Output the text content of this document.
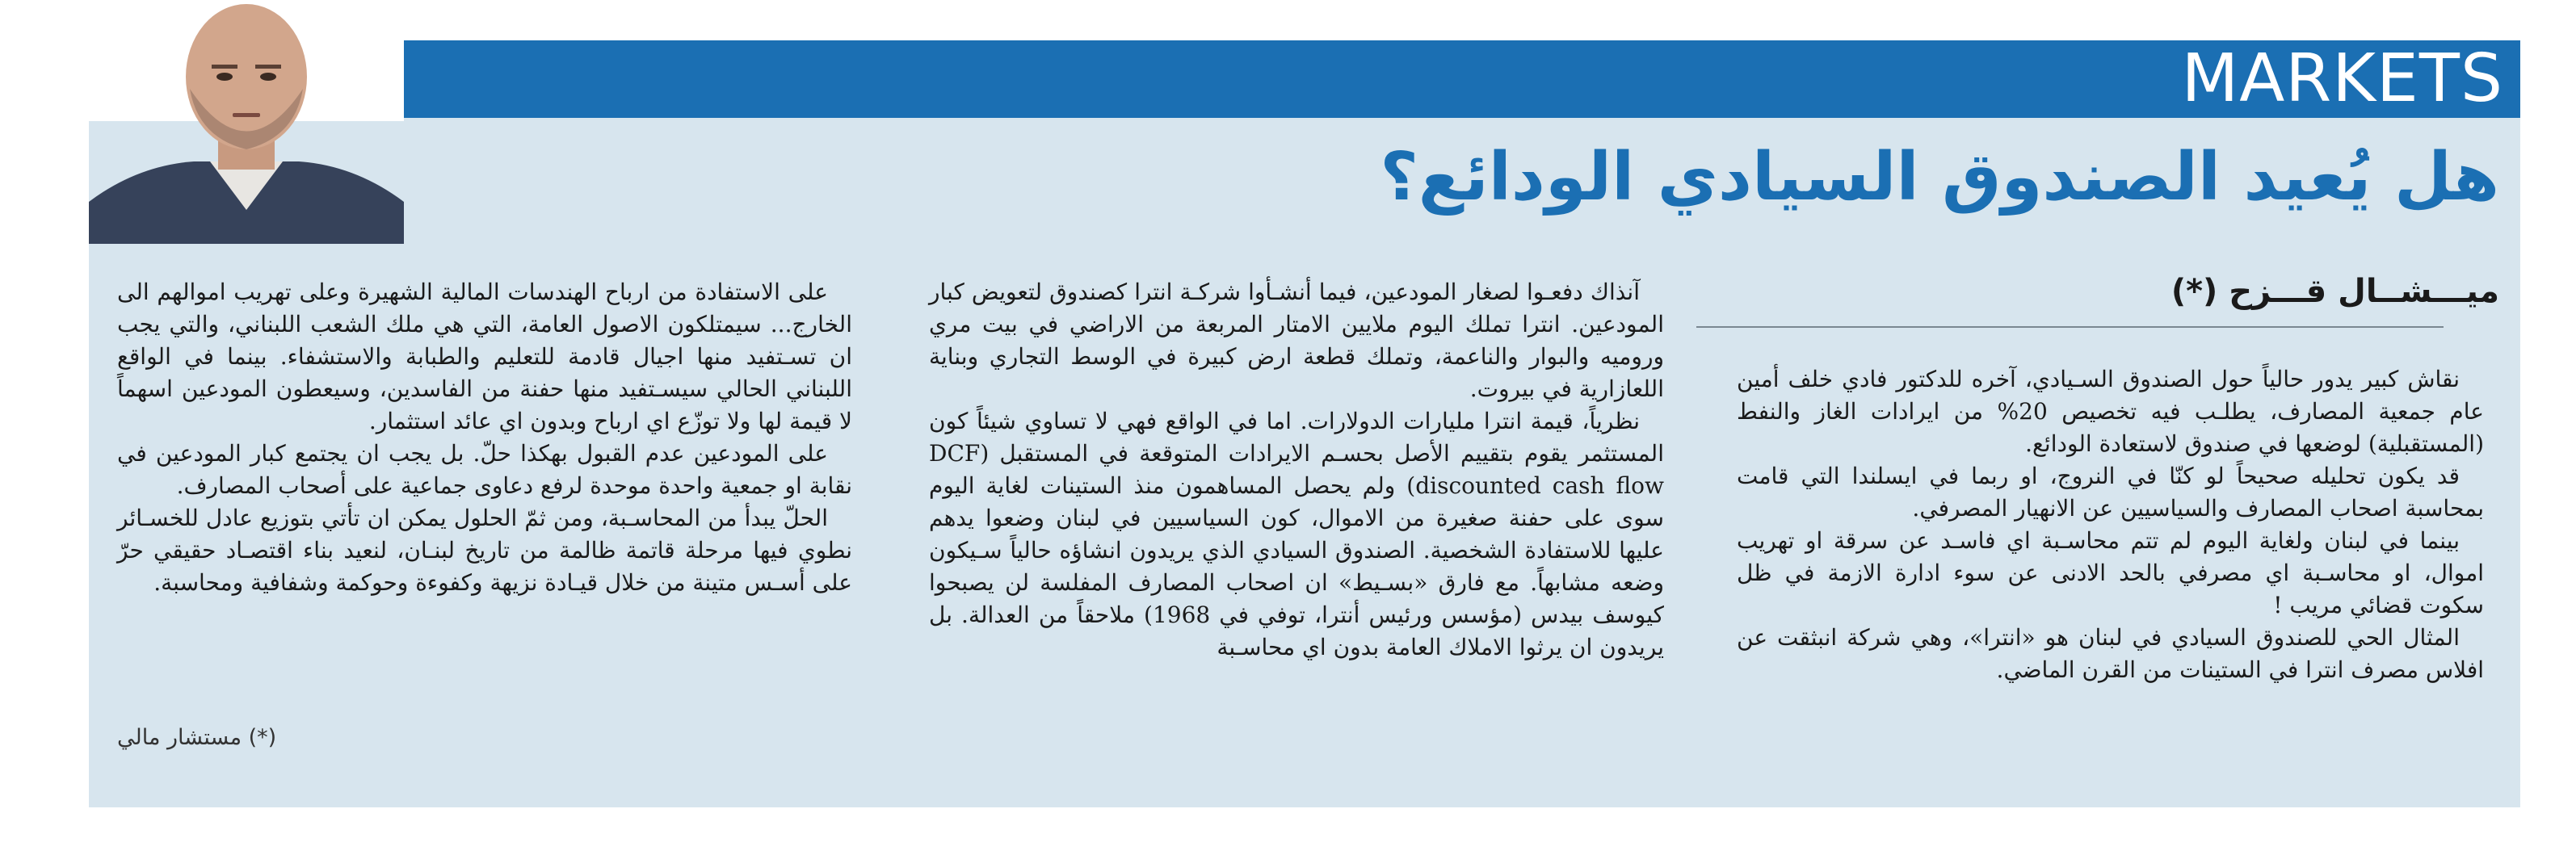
MARKETS
هل يُعيد الصندوق السيادي الودائع؟
ميـــشــال قـــزح (*)

نقاش كبير يدور حالياً حول الصندوق السـيادي، آخره للدكتور فادي خلف أمين عام جمعية المصارف، يطلـب فيه تخصيص 20% من ايرادات الغاز والنفط (المستقبلية) لوضعها في صندوق لاستعادة الودائع.

قد يكون تحليله صحيحاً لو كنّا في النروج، او ربما في ايسلندا التي قامت بمحاسبة اصحاب المصارف والسياسيين عن الانهيار المصرفي.

بينما في لبنان ولغاية اليوم لم تتم محاسـبة اي فاسـد عن سرقة او تهريب اموال، او محاسـبة اي مصرفي بالحد الادنى عن سوء ادارة الازمة في ظل سكوت قضائي مريب !

المثال الحي للصندوق السيادي في لبنان هو «انترا»، وهي شركة انبثقت عن افلاس مصرف انترا في الستينات من القرن الماضي.

آنذاك دفعـوا لصغار المودعين، فيما أنشـأوا شركـة انترا كصندوق لتعويض كبار المودعين. انترا تملك اليوم ملايين الامتار المربعة من الاراضي في بيت مري وروميه والبوار والناعمة، وتملك قطعة ارض كبيرة في الوسط التجاري وبناية اللعازارية في بيروت.

نظرياً، قيمة انترا مليارات الدولارات. اما في الواقع فهي لا تساوي شيئاً كون المستثمر يقوم بتقييم الأصل بحسـم الايرادات المتوقعة في المستقبل (DCF discounted cash flow) ولم يحصل المساهمون منذ الستينات لغاية اليوم سوى على حفنة صغيرة من الاموال، كون السياسيين في لبنان وضعوا يدهم عليها للاستفادة الشخصية. الصندوق السيادي الذي يريدون انشاؤه حالياً سـيكون وضعه مشابهاً. مع فارق «بسـيط» ان اصحاب المصارف المفلسة لن يصبحوا كيوسف بيدس (مؤسس ورئيس أنترا، توفي في 1968) ملاحقاً من العدالة. بل يريدون ان يرثوا الاملاك العامة بدون اي محاسـبة

على الاستفادة من ارباح الهندسات المالية الشهيرة وعلى تهريب اموالهم الى الخارج... سيمتلكون الاصول العامة، التي هي ملك الشعب اللبناني، والتي يجب ان تسـتفيد منها اجيال قادمة للتعليم والطبابة والاستشفاء. بينما في الواقع اللبناني الحالي سيسـتفيد منها حفنة من الفاسدين، وسيعطون المودعين اسهماً لا قيمة لها ولا توزّع اي ارباح وبدون اي عائد استثمار.

على المودعين عدم القبول بهكذا حلّ. بل يجب ان يجتمع كبار المودعين في نقابة او جمعية واحدة موحدة لرفع دعاوى جماعية على أصحاب المصارف.

الحلّ يبدأ من المحاسـبة، ومن ثمّ الحلول يمكن ان تأتي بتوزيع عادل للخسـائر نطوي فيها مرحلة قاتمة ظالمة من تاريخ لبنـان، لنعيد بناء اقتصـاد حقيقي حرّ على أسـس متينة من خلال قيـادة نزيهة وكفوءة وحوكمة وشفافية ومحاسبة.

(*) مستشار مالي
